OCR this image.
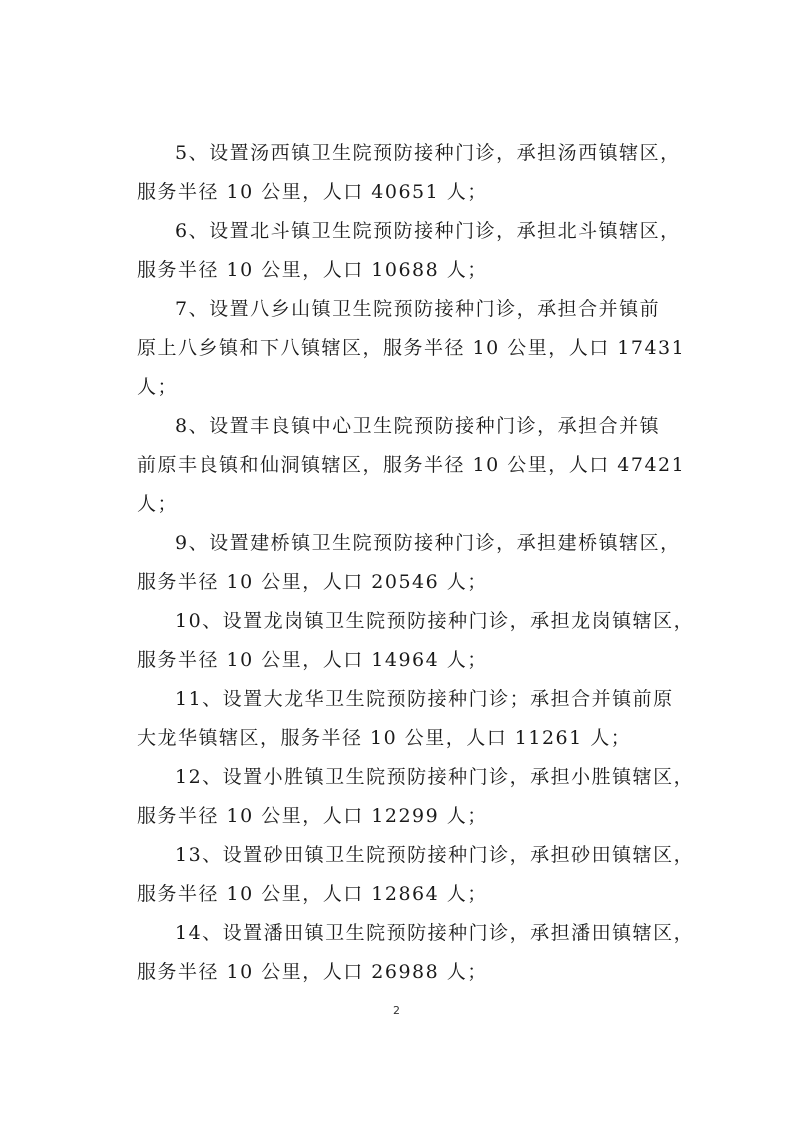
5、设置汤西镇卫生院预防接种门诊，承担汤西镇辖区，
服务半径 10 公里，人口 40651 人；

6、设置北斗镇卫生院预防接种门诊，承担北斗镇辖区，
服务半径 10 公里，人口 10688 人；

7、设置八乡山镇卫生院预防接种门诊，承担合并镇前
原上八乡镇和下八镇辖区，服务半径 10 公里，人口 17431
人；

8、设置丰良镇中心卫生院预防接种门诊，承担合并镇
前原丰良镇和仙洞镇辖区，服务半径 10 公里，人口 47421
人；

9、设置建桥镇卫生院预防接种门诊，承担建桥镇辖区，
服务半径 10 公里，人口 20546 人；

10、设置龙岗镇卫生院预防接种门诊，承担龙岗镇辖区，
服务半径 10 公里，人口 14964 人；

11、设置大龙华卫生院预防接种门诊；承担合并镇前原
大龙华镇辖区，服务半径 10 公里，人口 11261 人；

12、设置小胜镇卫生院预防接种门诊，承担小胜镇辖区，
服务半径 10 公里，人口 12299 人；

13、设置砂田镇卫生院预防接种门诊，承担砂田镇辖区，
服务半径 10 公里，人口 12864 人；

14、设置潘田镇卫生院预防接种门诊，承担潘田镇辖区，
服务半径 10 公里，人口 26988 人；

2
